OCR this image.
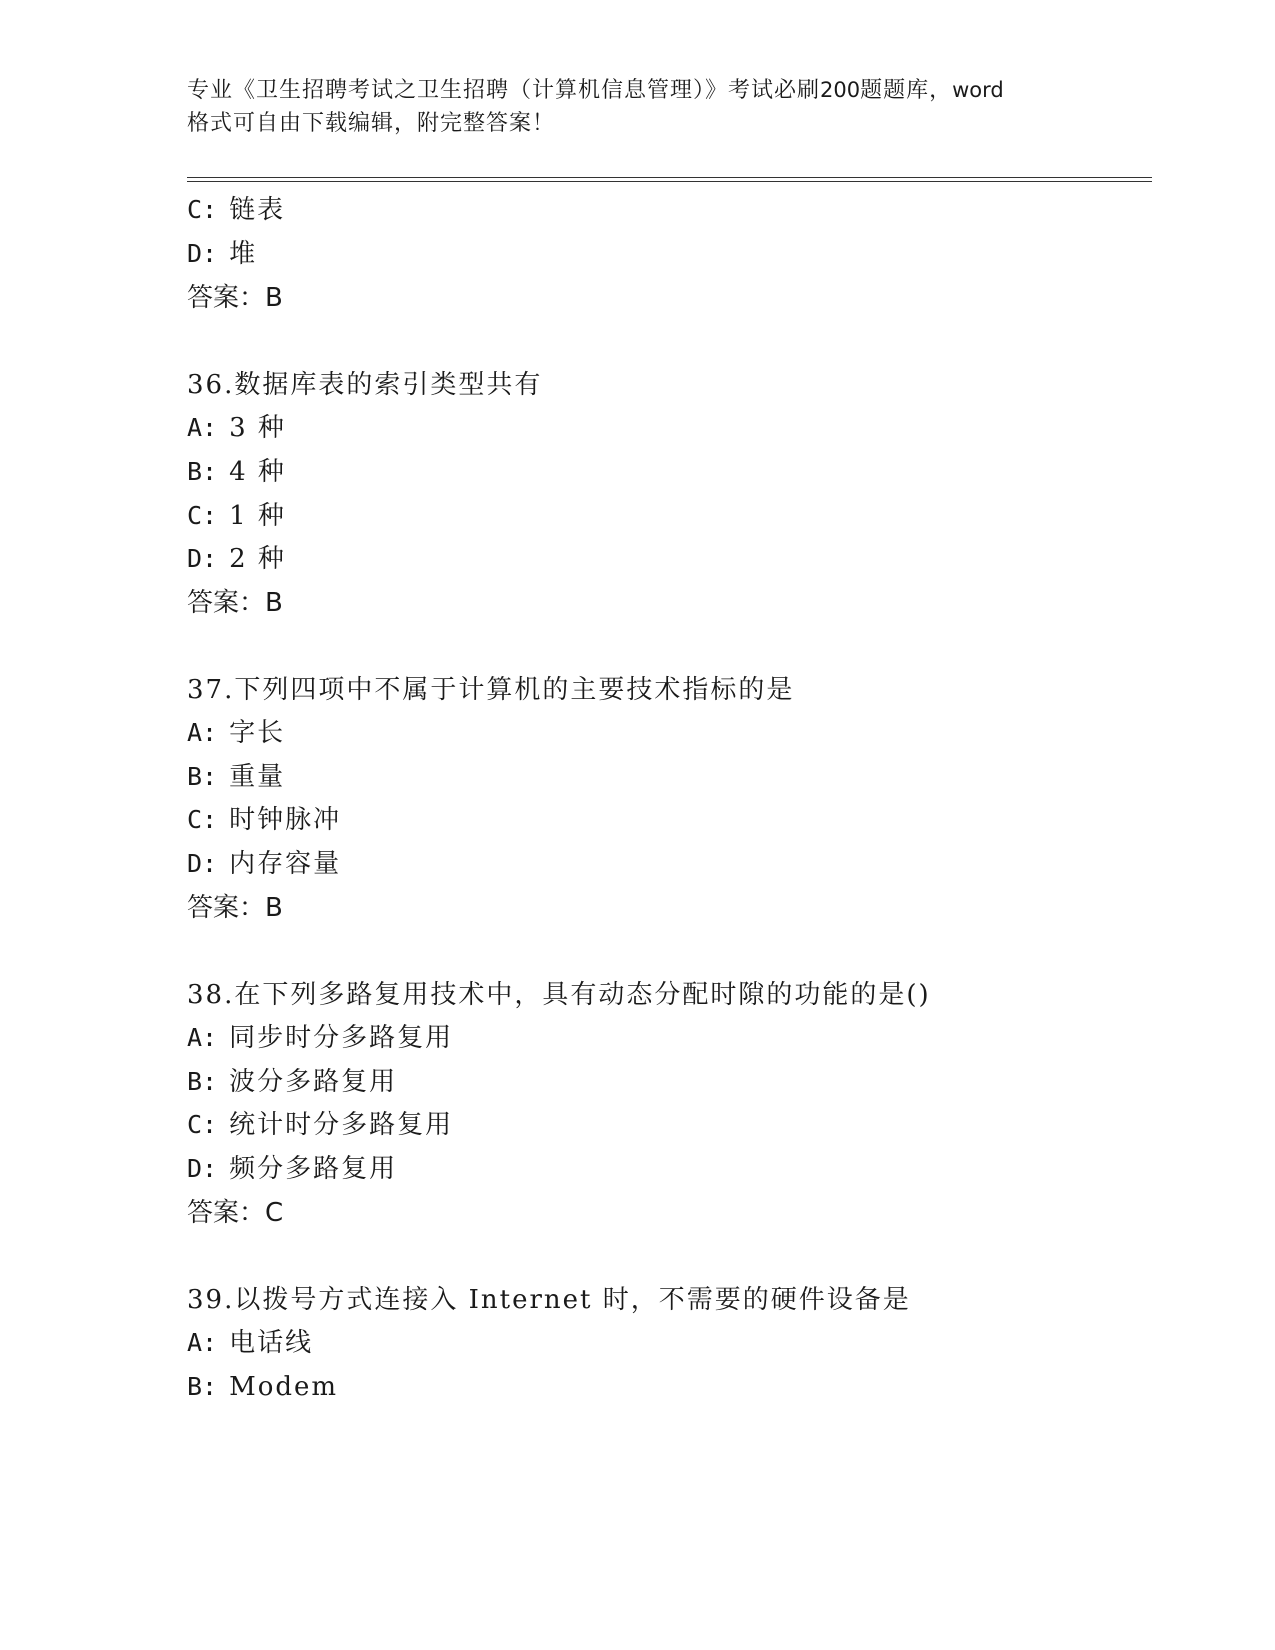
专业《卫生招聘考试之卫生招聘（计算机信息管理）》考试必刷200题题库，word
格式可自由下载编辑，附完整答案！
C: 链表
D: 堆
答案：B
36.数据库表的索引类型共有
A: 3 种
B: 4 种
C: 1 种
D: 2 种
答案：B
37.下列四项中不属于计算机的主要技术指标的是
A: 字长
B: 重量
C: 时钟脉冲
D: 内存容量
答案：B
38.在下列多路复用技术中，具有动态分配时隙的功能的是()
A: 同步时分多路复用
B: 波分多路复用
C: 统计时分多路复用
D: 频分多路复用
答案：C
39.以拨号方式连接入 Internet 时，不需要的硬件设备是
A: 电话线
B: Modem
